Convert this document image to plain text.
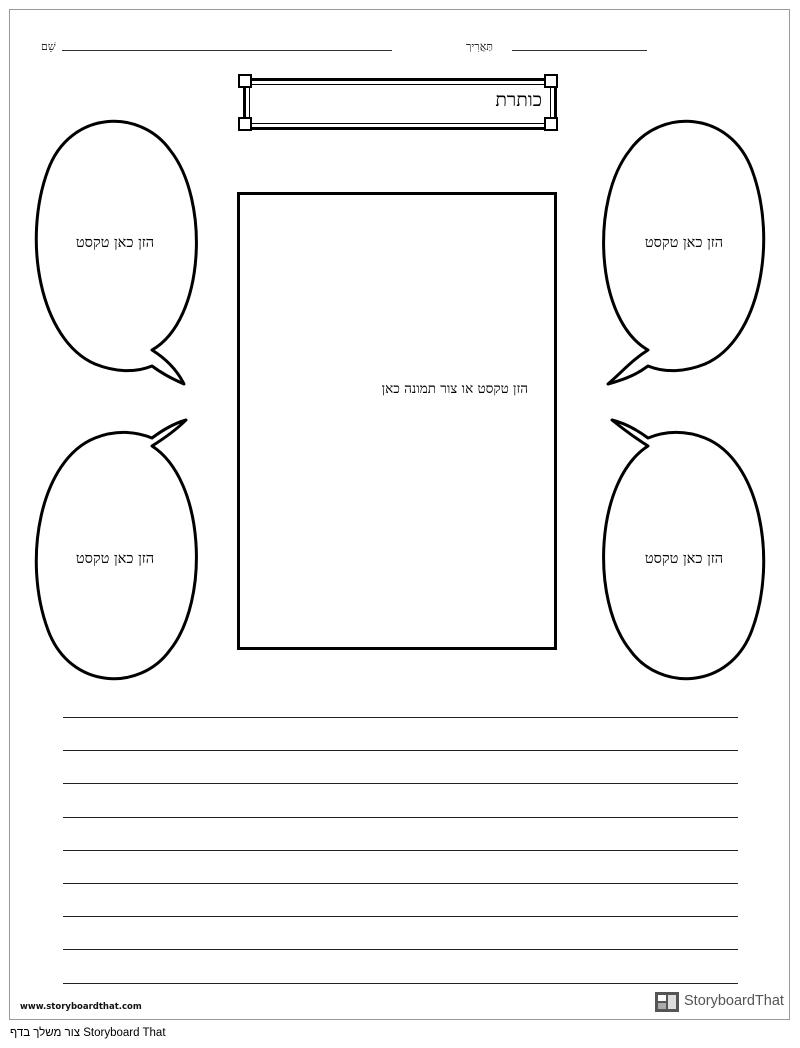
שֵׁם	תַּאֲרִיך
כותרת
הזן כאן טקסט	הזן כאן טקסט
הזן כאן טקסט	הזן כאן טקסט
הזן טקסט או צור תמונה כאן
www.storyboardthat.com	StoryboardThat
צור משלך בדף Storyboard That
